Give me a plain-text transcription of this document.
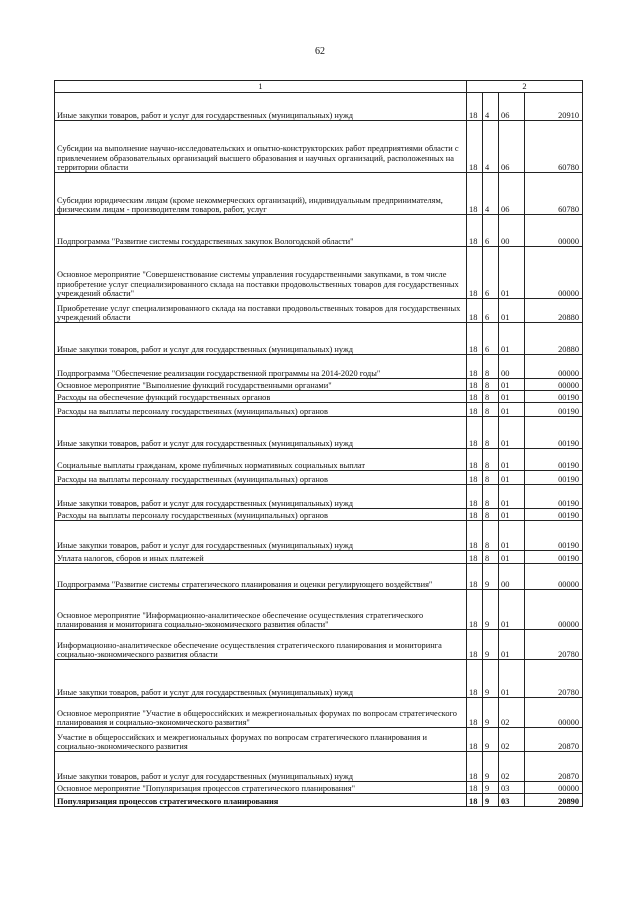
62
1	2			
Иные закупки товаров, работ и услуг для государственных (муниципальных) нужд	18	4	06	20910
Субсидии на выполнение научно-исследовательских и опытно-конструкторских работ предприятиями области с привлечением образовательных организаций высшего образования и научных организаций, расположенных на территории области	18	4	06	60780
Субсидии юридическим лицам (кроме некоммерческих организаций), индивидуальным предпринимателям, физическим лицам - производителям товаров, работ, услуг	18	4	06	60780
Подпрограмма "Развитие системы государственных закупок Вологодской области"	18	6	00	00000
Основное мероприятие "Совершенствование системы управления государственными закупками, в том числе приобретение услуг специализированного склада на поставки продовольственных товаров для государственных учреждений области"	18	6	01	00000
Приобретение услуг специализированного склада на поставки продовольственных товаров для государственных учреждений области	18	6	01	20880
Иные закупки товаров, работ и услуг для государственных (муниципальных) нужд	18	6	01	20880
Подпрограмма "Обеспечение реализации государственной программы на 2014-2020 годы"	18	8	00	00000
Основное мероприятие "Выполнение функций государственными органами"	18	8	01	00000
Расходы на обеспечение функций государственных органов	18	8	01	00190
Расходы на выплаты персоналу государственных (муниципальных) органов	18	8	01	00190
Иные закупки товаров, работ и услуг для государственных (муниципальных) нужд	18	8	01	00190
Социальные выплаты гражданам, кроме публичных нормативных социальных выплат	18	8	01	00190
Расходы на выплаты персоналу государственных (муниципальных) органов	18	8	01	00190
Иные закупки товаров, работ и услуг для государственных (муниципальных) нужд	18	8	01	00190
Расходы на выплаты персоналу государственных (муниципальных) органов	18	8	01	00190
Иные закупки товаров, работ и услуг для государственных (муниципальных) нужд	18	8	01	00190
Уплата налогов, сборов и иных платежей	18	8	01	00190
Подпрограмма "Развитие системы стратегического планирования и оценки регулирующего воздействия"	18	9	00	00000
Основное мероприятие "Информационно-аналитическое обеспечение осуществления стратегического планирования и мониторинга социально-экономического развития области"	18	9	01	00000
Информационно-аналитическое обеспечение осуществления стратегического планирования и мониторинга социально-экономического развития области	18	9	01	20780
Иные закупки товаров, работ и услуг для государственных (муниципальных) нужд	18	9	01	20780
Основное мероприятие "Участие в общероссийских и межрегиональных форумах по вопросам стратегического планирования и социально-экономического развития"	18	9	02	00000
Участие в общероссийских и межрегиональных форумах по вопросам стратегического планирования и социально-экономического развития	18	9	02	20870
Иные закупки товаров, работ и услуг для государственных (муниципальных) нужд	18	9	02	20870
Основное мероприятие "Популяризация процессов стратегического планирования"	18	9	03	00000
Популяризация процессов стратегического планирования	18	9	03	20890
